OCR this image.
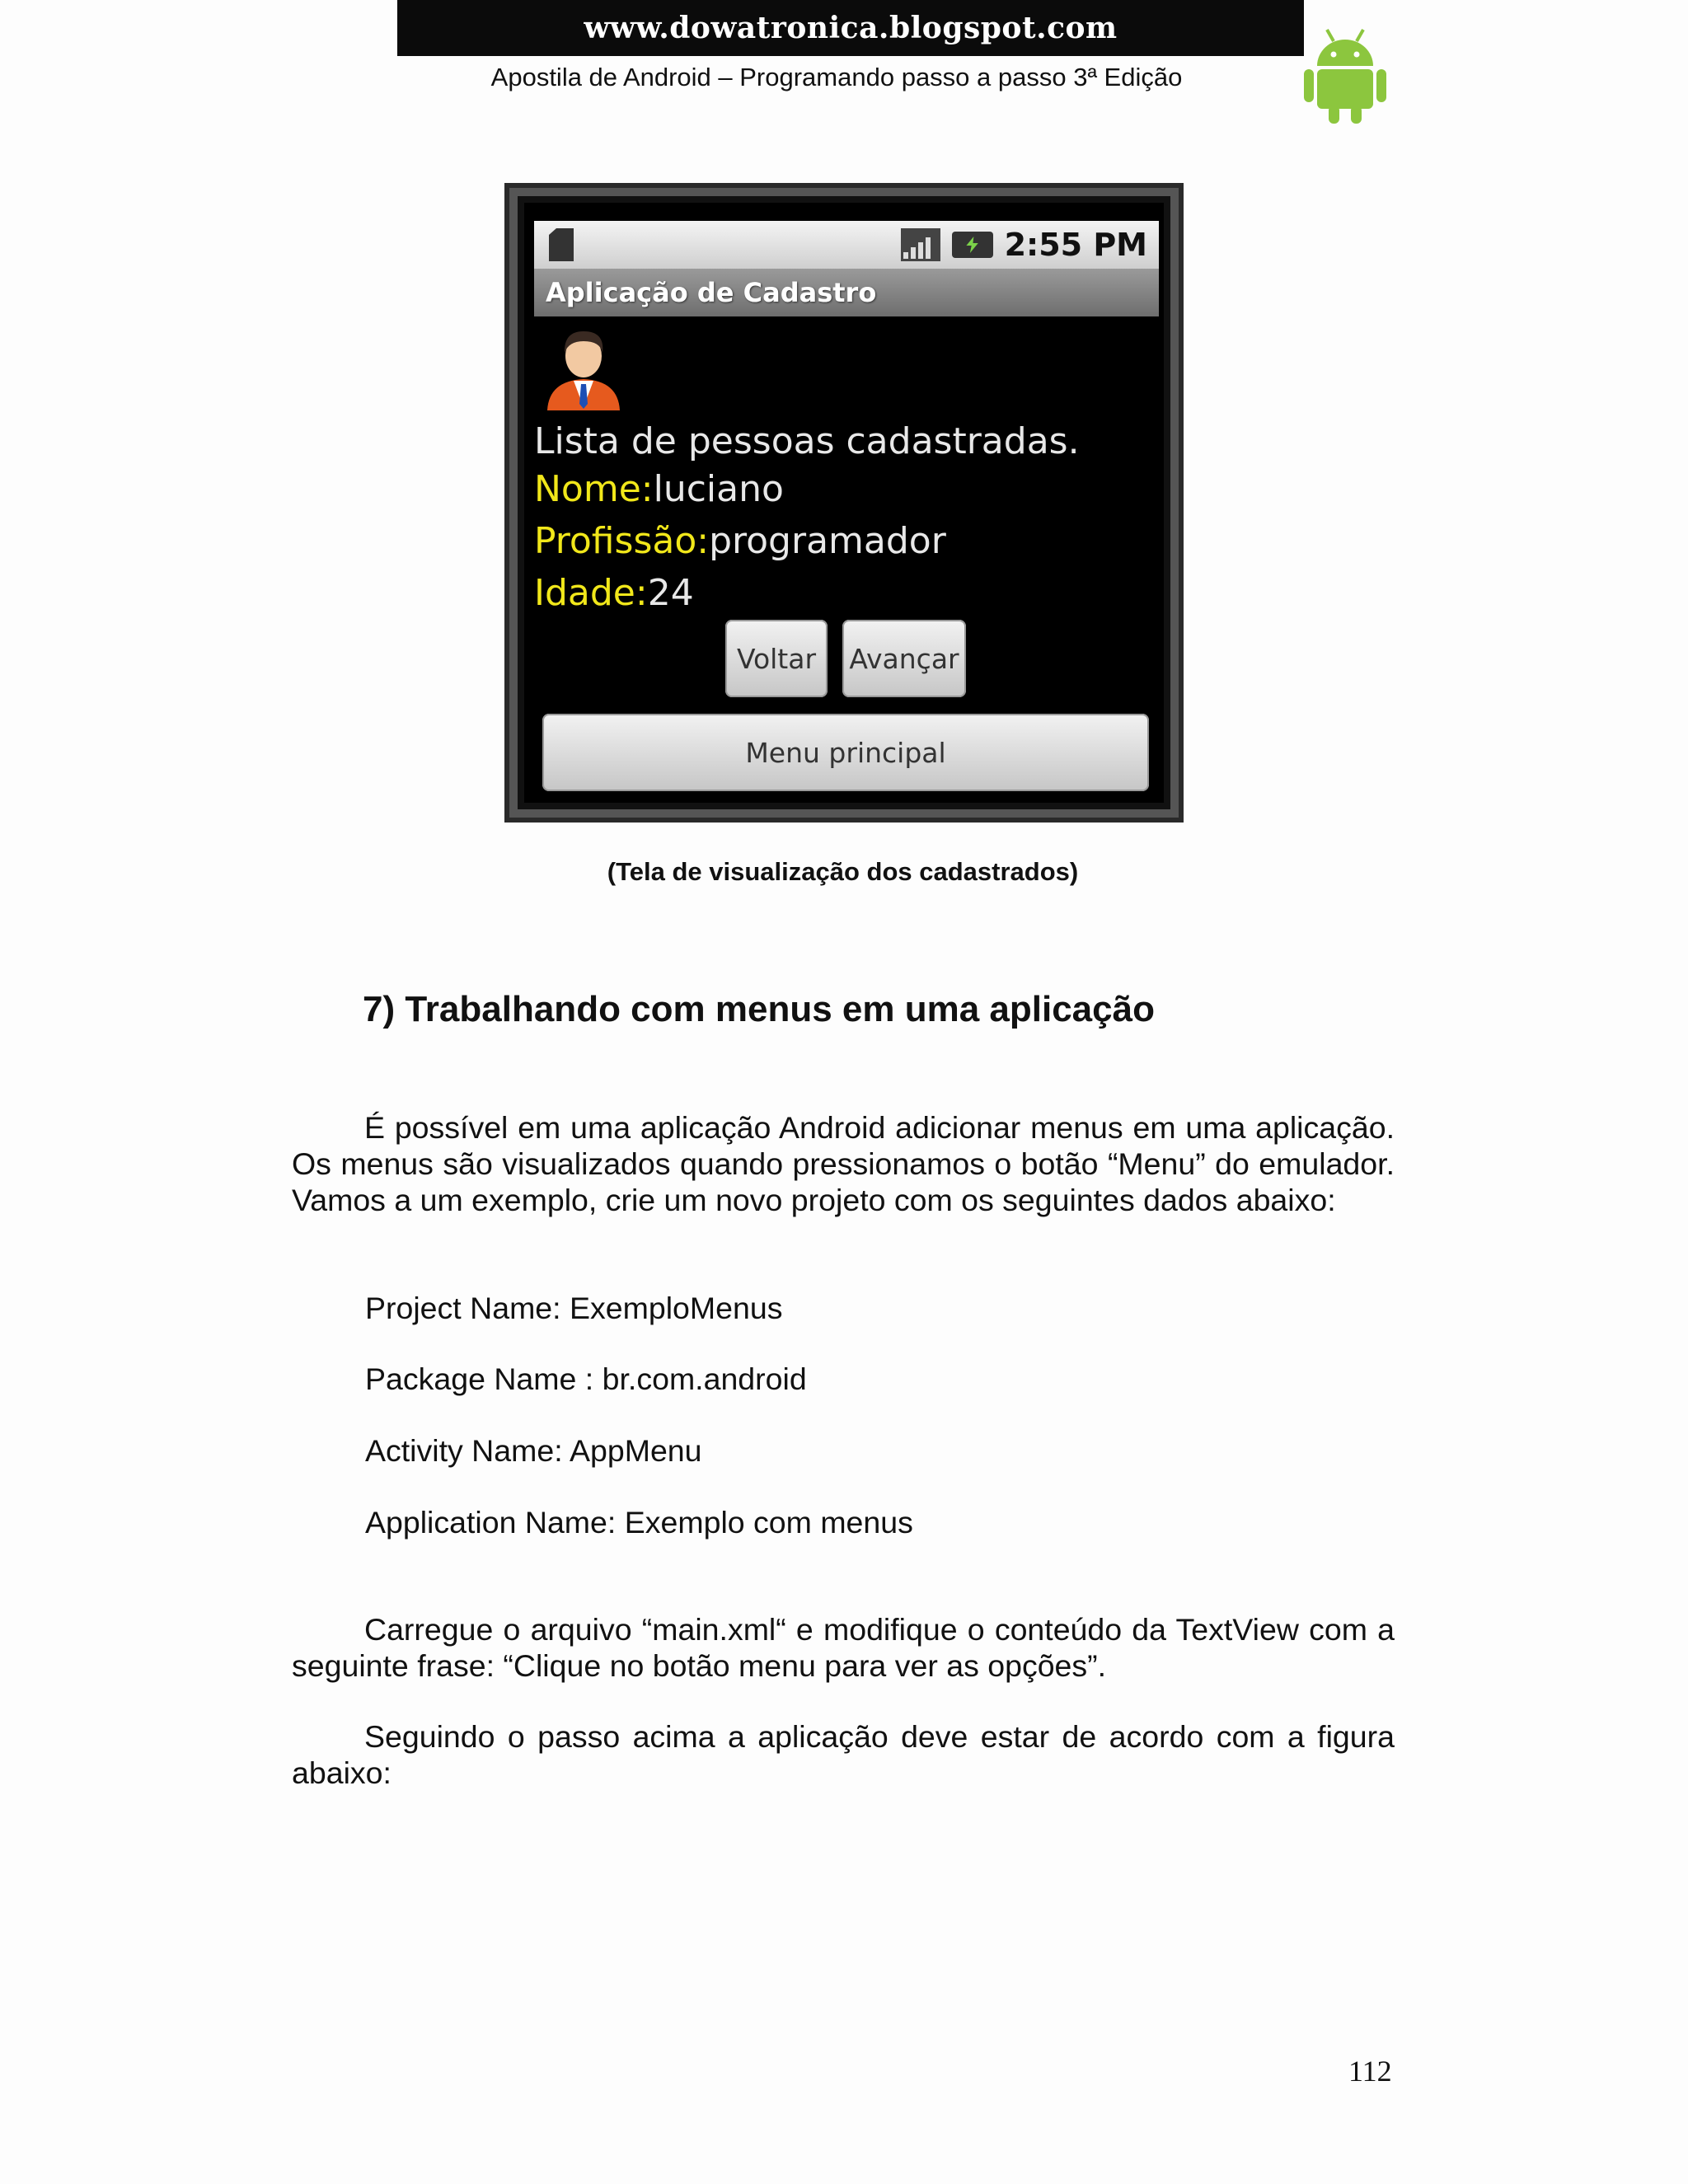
www.dowatronica.blogspot.com
Apostila de Android – Programando passo a passo 3ª Edição
2:55 PM
Aplicação de Cadastro
Lista de pessoas cadastradas.
Nome:luciano
Profissão:programador
Idade:24
Voltar	Avançar
Menu principal
(Tela de visualização dos cadastrados)
7) Trabalhando com menus em uma aplicação

É possível em uma aplicação Android adicionar menus em uma aplicação. Os menus são visualizados quando pressionamos o botão “Menu” do emulador. Vamos a um exemplo, crie um novo projeto com os seguintes dados abaixo:

Project Name: ExemploMenus
Package Name : br.com.android
Activity Name: AppMenu
Application Name: Exemplo com menus

Carregue o arquivo “main.xml“ e modifique o conteúdo da TextView com a seguinte frase: “Clique no botão menu para ver as opções”.

Seguindo o passo acima a aplicação deve estar de acordo com a figura abaixo:

112
